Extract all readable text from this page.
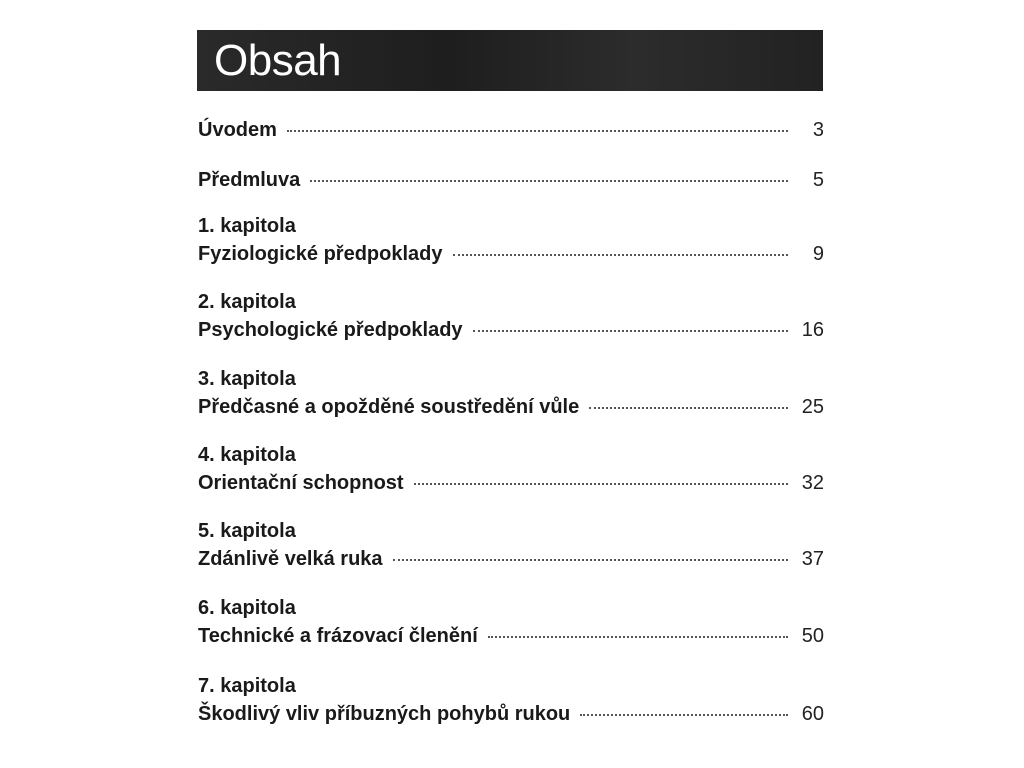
Obsah
Úvodem	3
Předmluva	5
1. kapitola
Fyziologické předpoklady	9
2. kapitola
Psychologické předpoklady	16
3. kapitola
Předčasné a opožděné soustředění vůle	25
4. kapitola
Orientační schopnost	32
5. kapitola
Zdánlivě velká ruka	37
6. kapitola
Technické a frázovací členění	50
7. kapitola
Škodlivý vliv příbuzných pohybů rukou	60
